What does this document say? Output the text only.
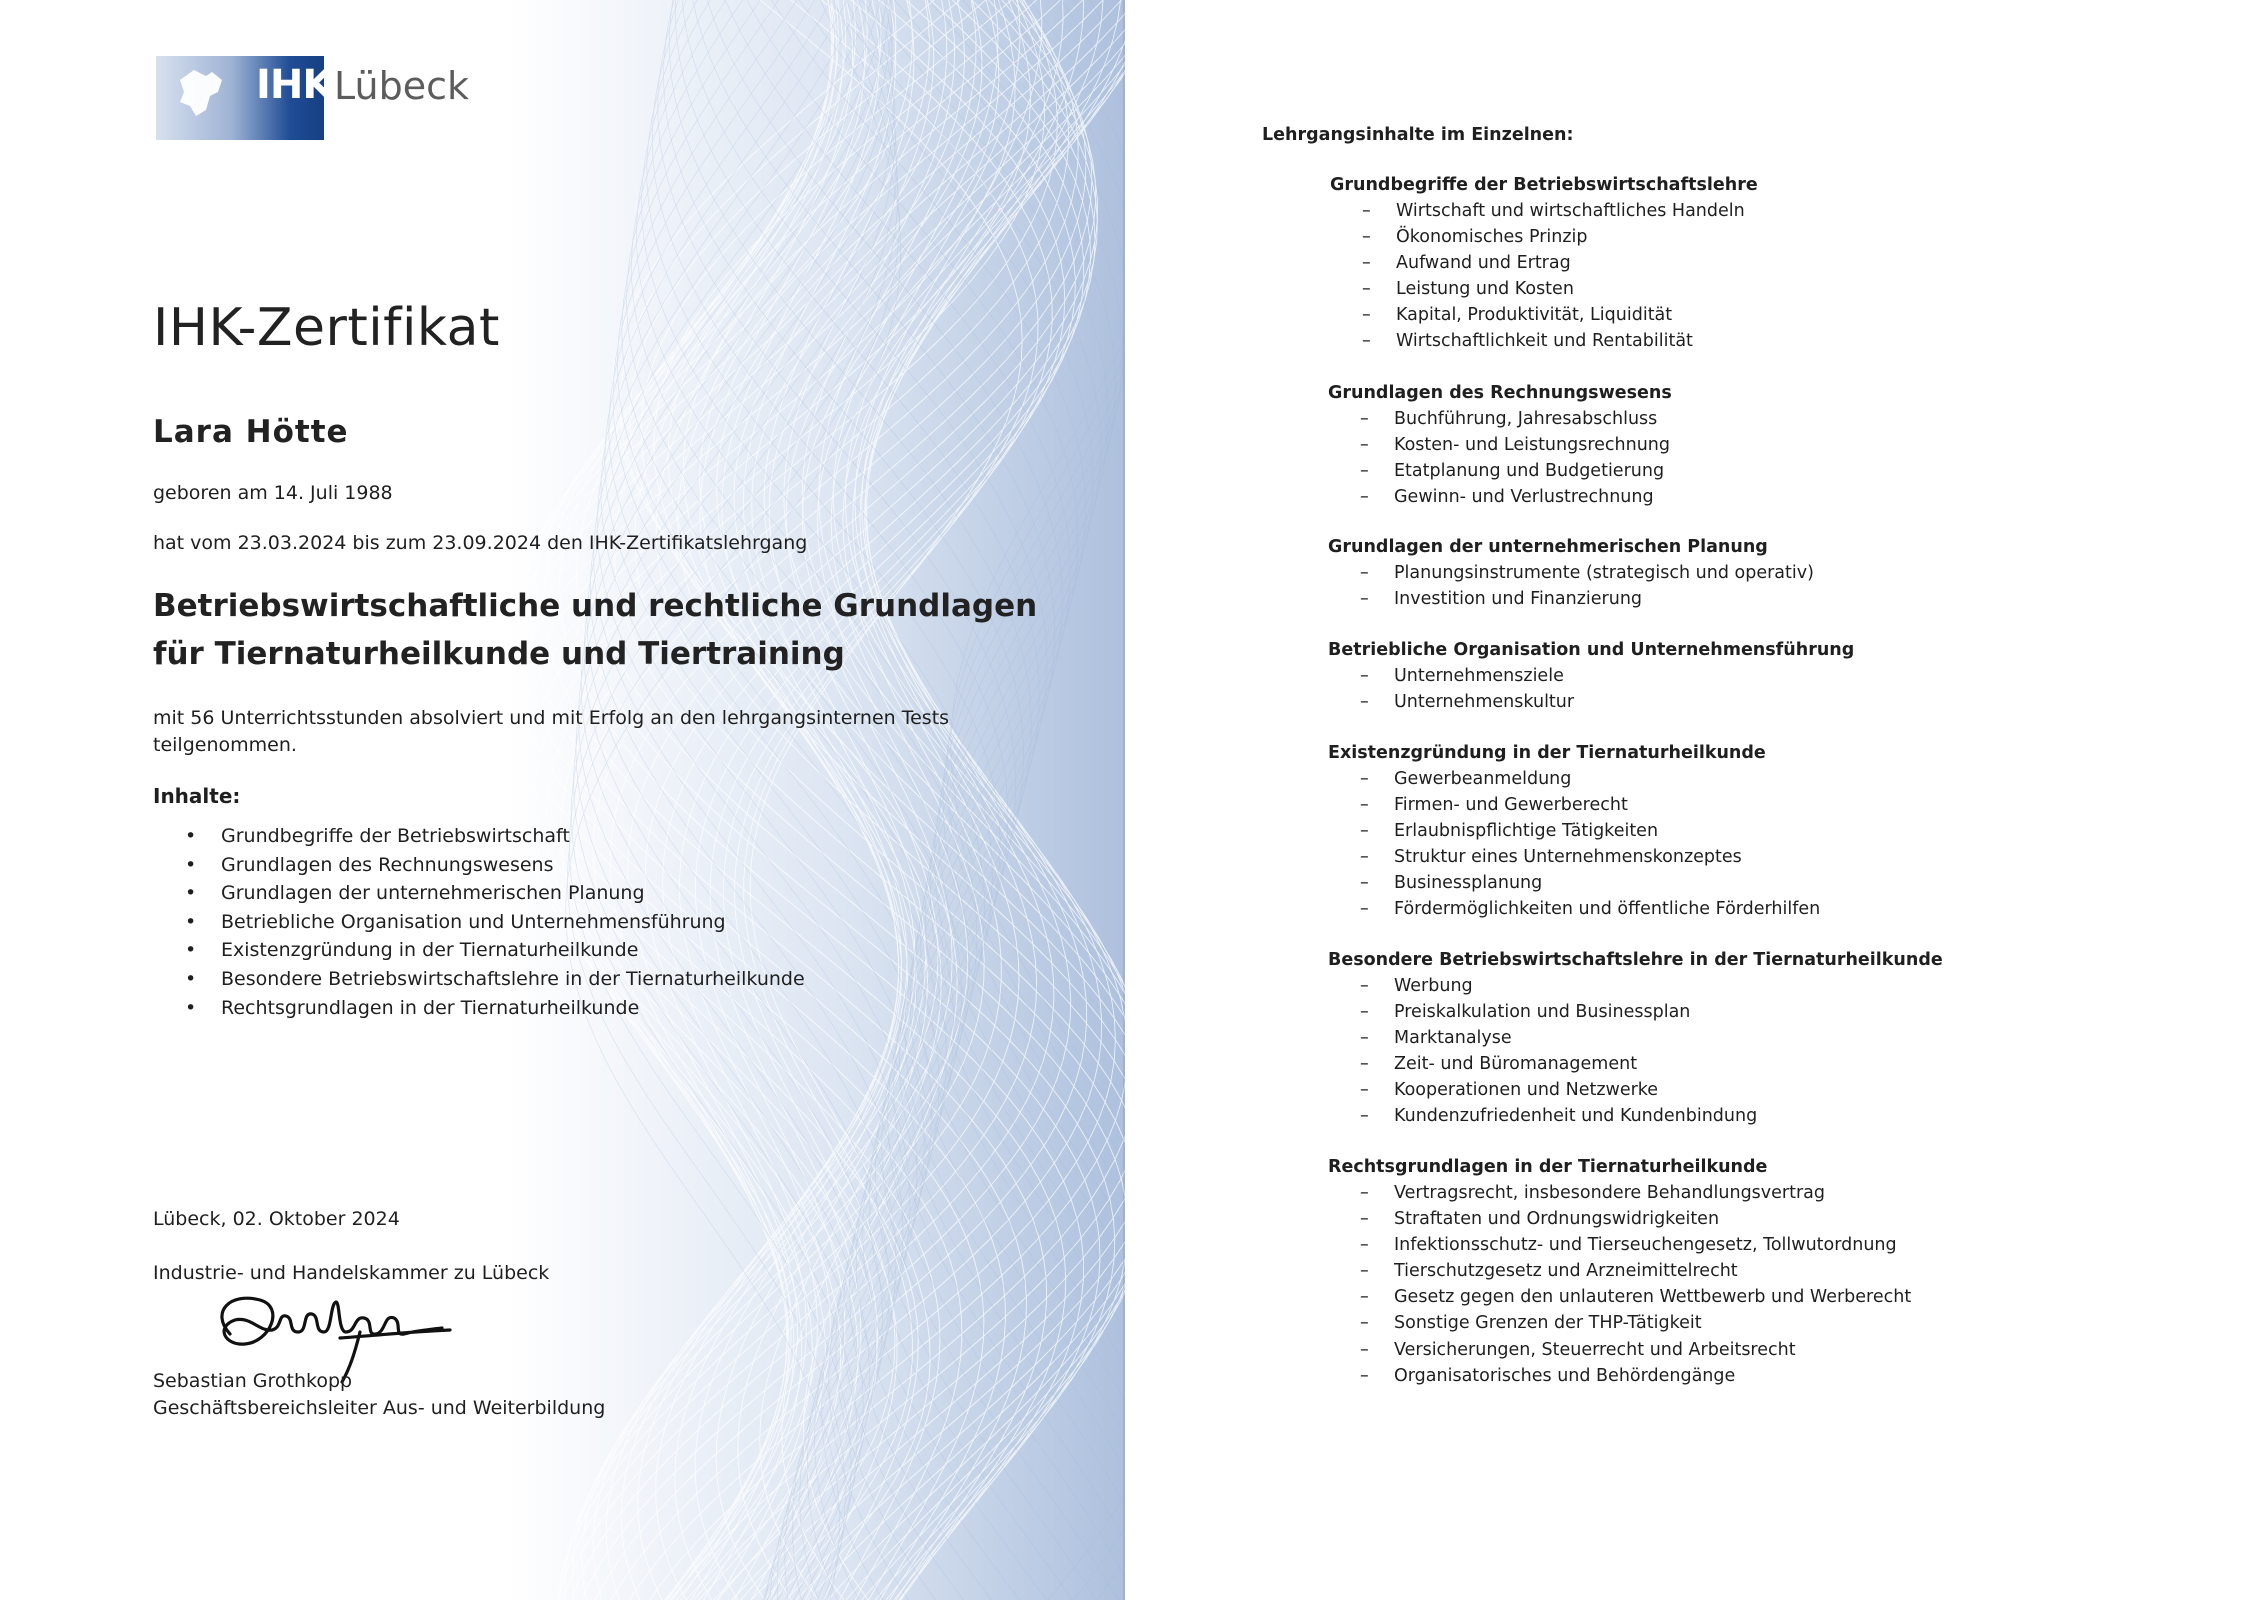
IHK Lübeck
IHK-Zertifikat
Lara Hötte
geboren am 14. Juli 1988
hat vom 23.03.2024 bis zum 23.09.2024 den IHK-Zertifikatslehrgang
Betriebswirtschaftliche und rechtliche Grundlagen
für Tiernaturheilkunde und Tiertraining
mit 56 Unterrichtsstunden absolviert und mit Erfolg an den lehrgangsinternen Tests teilgenommen.
Inhalte:
• Grundbegriffe der Betriebswirtschaft
• Grundlagen des Rechnungswesens
• Grundlagen der unternehmerischen Planung
• Betriebliche Organisation und Unternehmensführung
• Existenzgründung in der Tiernaturheilkunde
• Besondere Betriebswirtschaftslehre in der Tiernaturheilkunde
• Rechtsgrundlagen in der Tiernaturheilkunde
Lübeck, 02. Oktober 2024
Industrie- und Handelskammer zu Lübeck
Sebastian Grothkopp
Geschäftsbereichsleiter Aus- und Weiterbildung
Lehrgangsinhalte im Einzelnen:
Grundbegriffe der Betriebswirtschaftslehre
– Wirtschaft und wirtschaftliches Handeln
– Ökonomisches Prinzip
– Aufwand und Ertrag
– Leistung und Kosten
– Kapital, Produktivität, Liquidität
– Wirtschaftlichkeit und Rentabilität
Grundlagen des Rechnungswesens
– Buchführung, Jahresabschluss
– Kosten- und Leistungsrechnung
– Etatplanung und Budgetierung
– Gewinn- und Verlustrechnung
Grundlagen der unternehmerischen Planung
– Planungsinstrumente (strategisch und operativ)
– Investition und Finanzierung
Betriebliche Organisation und Unternehmensführung
– Unternehmensziele
– Unternehmenskultur
Existenzgründung in der Tiernaturheilkunde
– Gewerbeanmeldung
– Firmen- und Gewerberecht
– Erlaubnispflichtige Tätigkeiten
– Struktur eines Unternehmenskonzeptes
– Businessplanung
– Fördermöglichkeiten und öffentliche Förderhilfen
Besondere Betriebswirtschaftslehre in der Tiernaturheilkunde
– Werbung
– Preiskalkulation und Businessplan
– Marktanalyse
– Zeit- und Büromanagement
– Kooperationen und Netzwerke
– Kundenzufriedenheit und Kundenbindung
Rechtsgrundlagen in der Tiernaturheilkunde
– Vertragsrecht, insbesondere Behandlungsvertrag
– Straftaten und Ordnungswidrigkeiten
– Infektionsschutz- und Tierseuchengesetz, Tollwutordnung
– Tierschutzgesetz und Arzneimittelrecht
– Gesetz gegen den unlauteren Wettbewerb und Werberecht
– Sonstige Grenzen der THP-Tätigkeit
– Versicherungen, Steuerrecht und Arbeitsrecht
– Organisatorisches und Behördengänge
